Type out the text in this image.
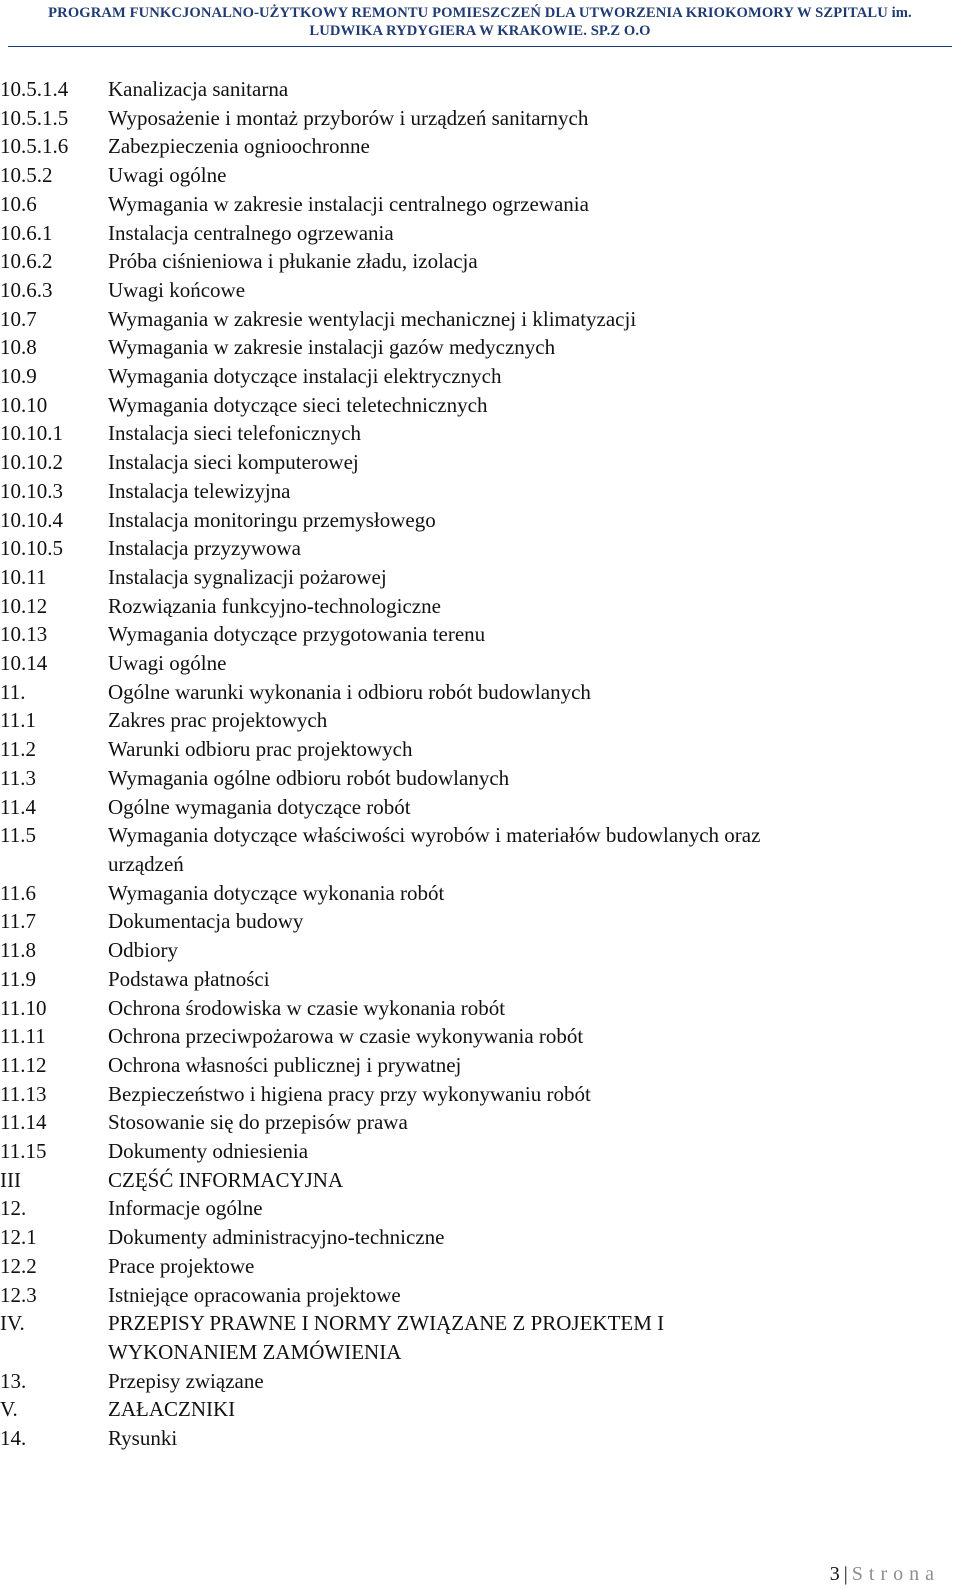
PROGRAM FUNKCJONALNO-UŻYTKOWY REMONTU POMIESZCZEŃ DLA UTWORZENIA KRIOKOMORY W SZPITALU im.
LUDWIKA RYDYGIERA W KRAKOWIE. SP.Z O.O
10.5.1.4	Kanalizacja sanitarna
10.5.1.5	Wyposażenie i montaż przyborów i urządzeń sanitarnych
10.5.1.6	Zabezpieczenia ognioochronne
10.5.2	Uwagi ogólne
10.6	Wymagania w zakresie instalacji centralnego ogrzewania
10.6.1	Instalacja centralnego ogrzewania
10.6.2	Próba ciśnieniowa i płukanie zładu, izolacja
10.6.3	Uwagi końcowe
10.7	Wymagania w zakresie wentylacji mechanicznej i klimatyzacji
10.8	Wymagania w zakresie instalacji gazów medycznych
10.9	Wymagania dotyczące instalacji elektrycznych
10.10	Wymagania dotyczące sieci teletechnicznych
10.10.1	Instalacja sieci telefonicznych
10.10.2	Instalacja sieci komputerowej
10.10.3	Instalacja telewizyjna
10.10.4	Instalacja monitoringu przemysłowego
10.10.5	Instalacja przyzywowa
10.11	Instalacja sygnalizacji pożarowej
10.12	Rozwiązania funkcyjno-technologiczne
10.13	Wymagania dotyczące przygotowania terenu
10.14	Uwagi ogólne
11.	Ogólne warunki wykonania i odbioru robót budowlanych
11.1	Zakres prac projektowych
11.2	Warunki odbioru prac projektowych
11.3	Wymagania ogólne odbioru robót budowlanych
11.4	Ogólne wymagania dotyczące robót
11.5	Wymagania dotyczące właściwości wyrobów i materiałów budowlanych oraz urządzeń
11.6	Wymagania dotyczące wykonania robót
11.7	Dokumentacja budowy
11.8	Odbiory
11.9	Podstawa płatności
11.10	Ochrona środowiska w czasie wykonania robót
11.11	Ochrona przeciwpożarowa w czasie wykonywania robót
11.12	Ochrona własności publicznej i prywatnej
11.13	Bezpieczeństwo i higiena pracy przy wykonywaniu robót
11.14	Stosowanie się do przepisów prawa
11.15	Dokumenty odniesienia
III	CZĘŚĆ INFORMACYJNA
12.	Informacje ogólne
12.1	Dokumenty administracyjno-techniczne
12.2	Prace projektowe
12.3	Istniejące opracowania projektowe
IV.	PRZEPISY PRAWNE I NORMY ZWIĄZANE Z PROJEKTEM I WYKONANIEM ZAMÓWIENIA
13.	Przepisy związane
V.	ZAŁACZNIKI
14.	Rysunki
3 | Strona
